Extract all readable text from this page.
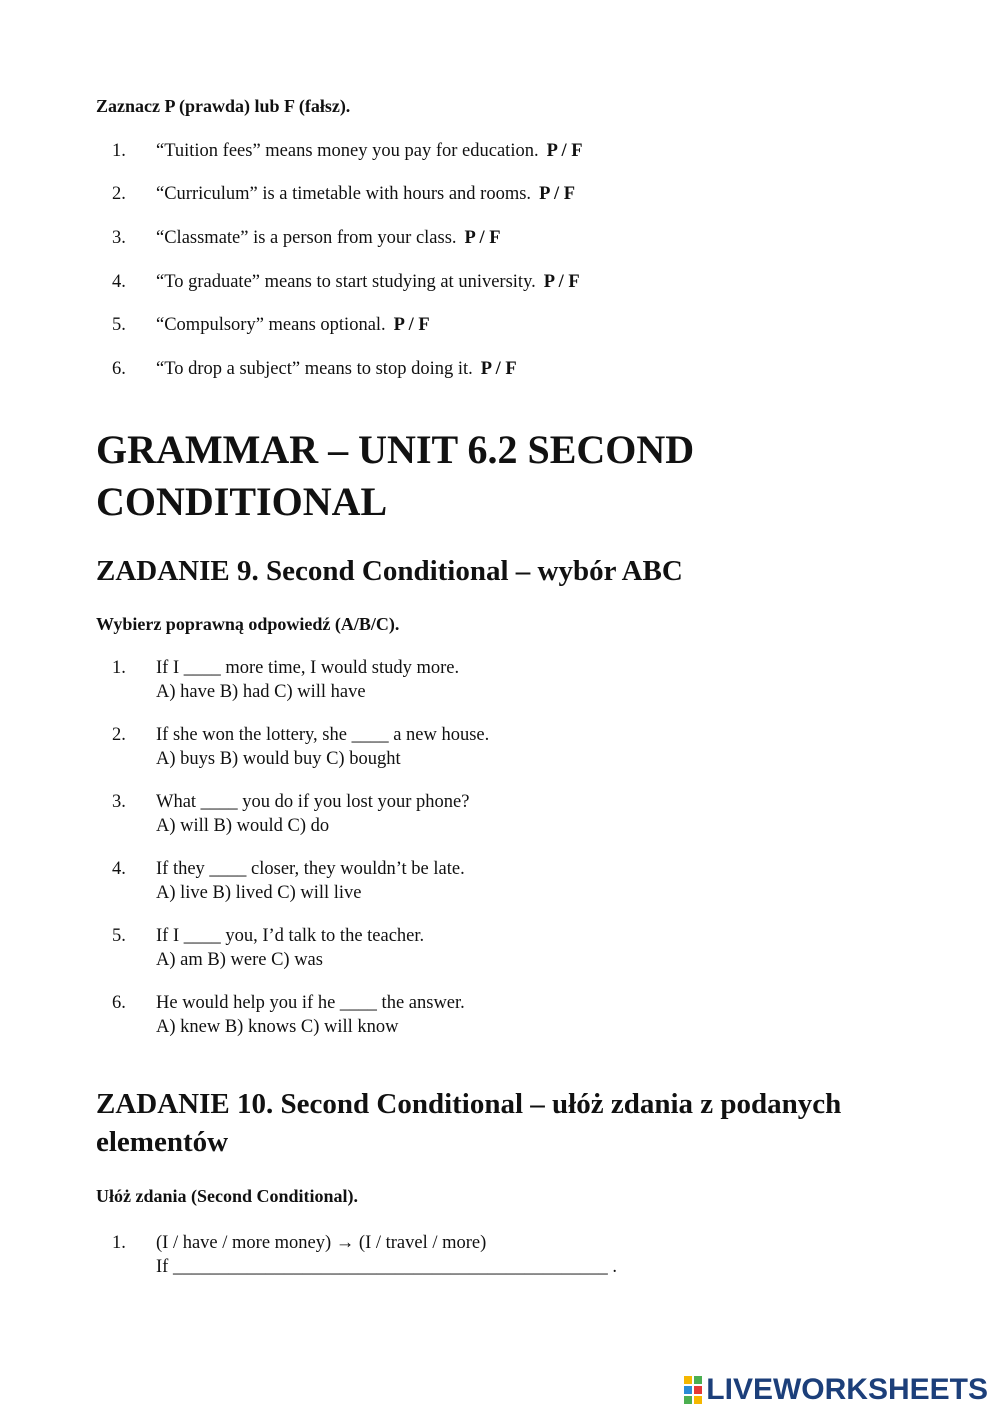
Zaznacz P (prawda) lub F (fałsz).

1.	“Tuition fees” means money you pay for education. P / F
2.	“Curriculum” is a timetable with hours and rooms. P / F
3.	“Classmate” is a person from your class. P / F
4.	“To graduate” means to start studying at university. P / F
5.	“Compulsory” means optional. P / F
6.	“To drop a subject” means to stop doing it. P / F
GRAMMAR – UNIT 6.2 SECOND CONDITIONAL
ZADANIE 9. Second Conditional – wybór ABC

Wybierz poprawną odpowiedź (A/B/C).

1.	If I ____ more time, I would study more.
A) have B) had C) will have
2.	If she won the lottery, she ____ a new house.
A) buys B) would buy C) bought
3.	What ____ you do if you lost your phone?
A) will B) would C) do
4.	If they ____ closer, they wouldn’t be late.
A) live B) lived C) will live
5.	If I ____ you, I’d talk to the teacher.
A) am B) were C) was
6.	He would help you if he ____ the answer.
A) knew B) knows C) will know
ZADANIE 10. Second Conditional – ułóż zdania z podanych elementów

Ułóż zdania (Second Conditional).

1.	(I / have / more money) → (I / travel / more)
If _______________________________________________ .
LIVEWORKSHEETS
